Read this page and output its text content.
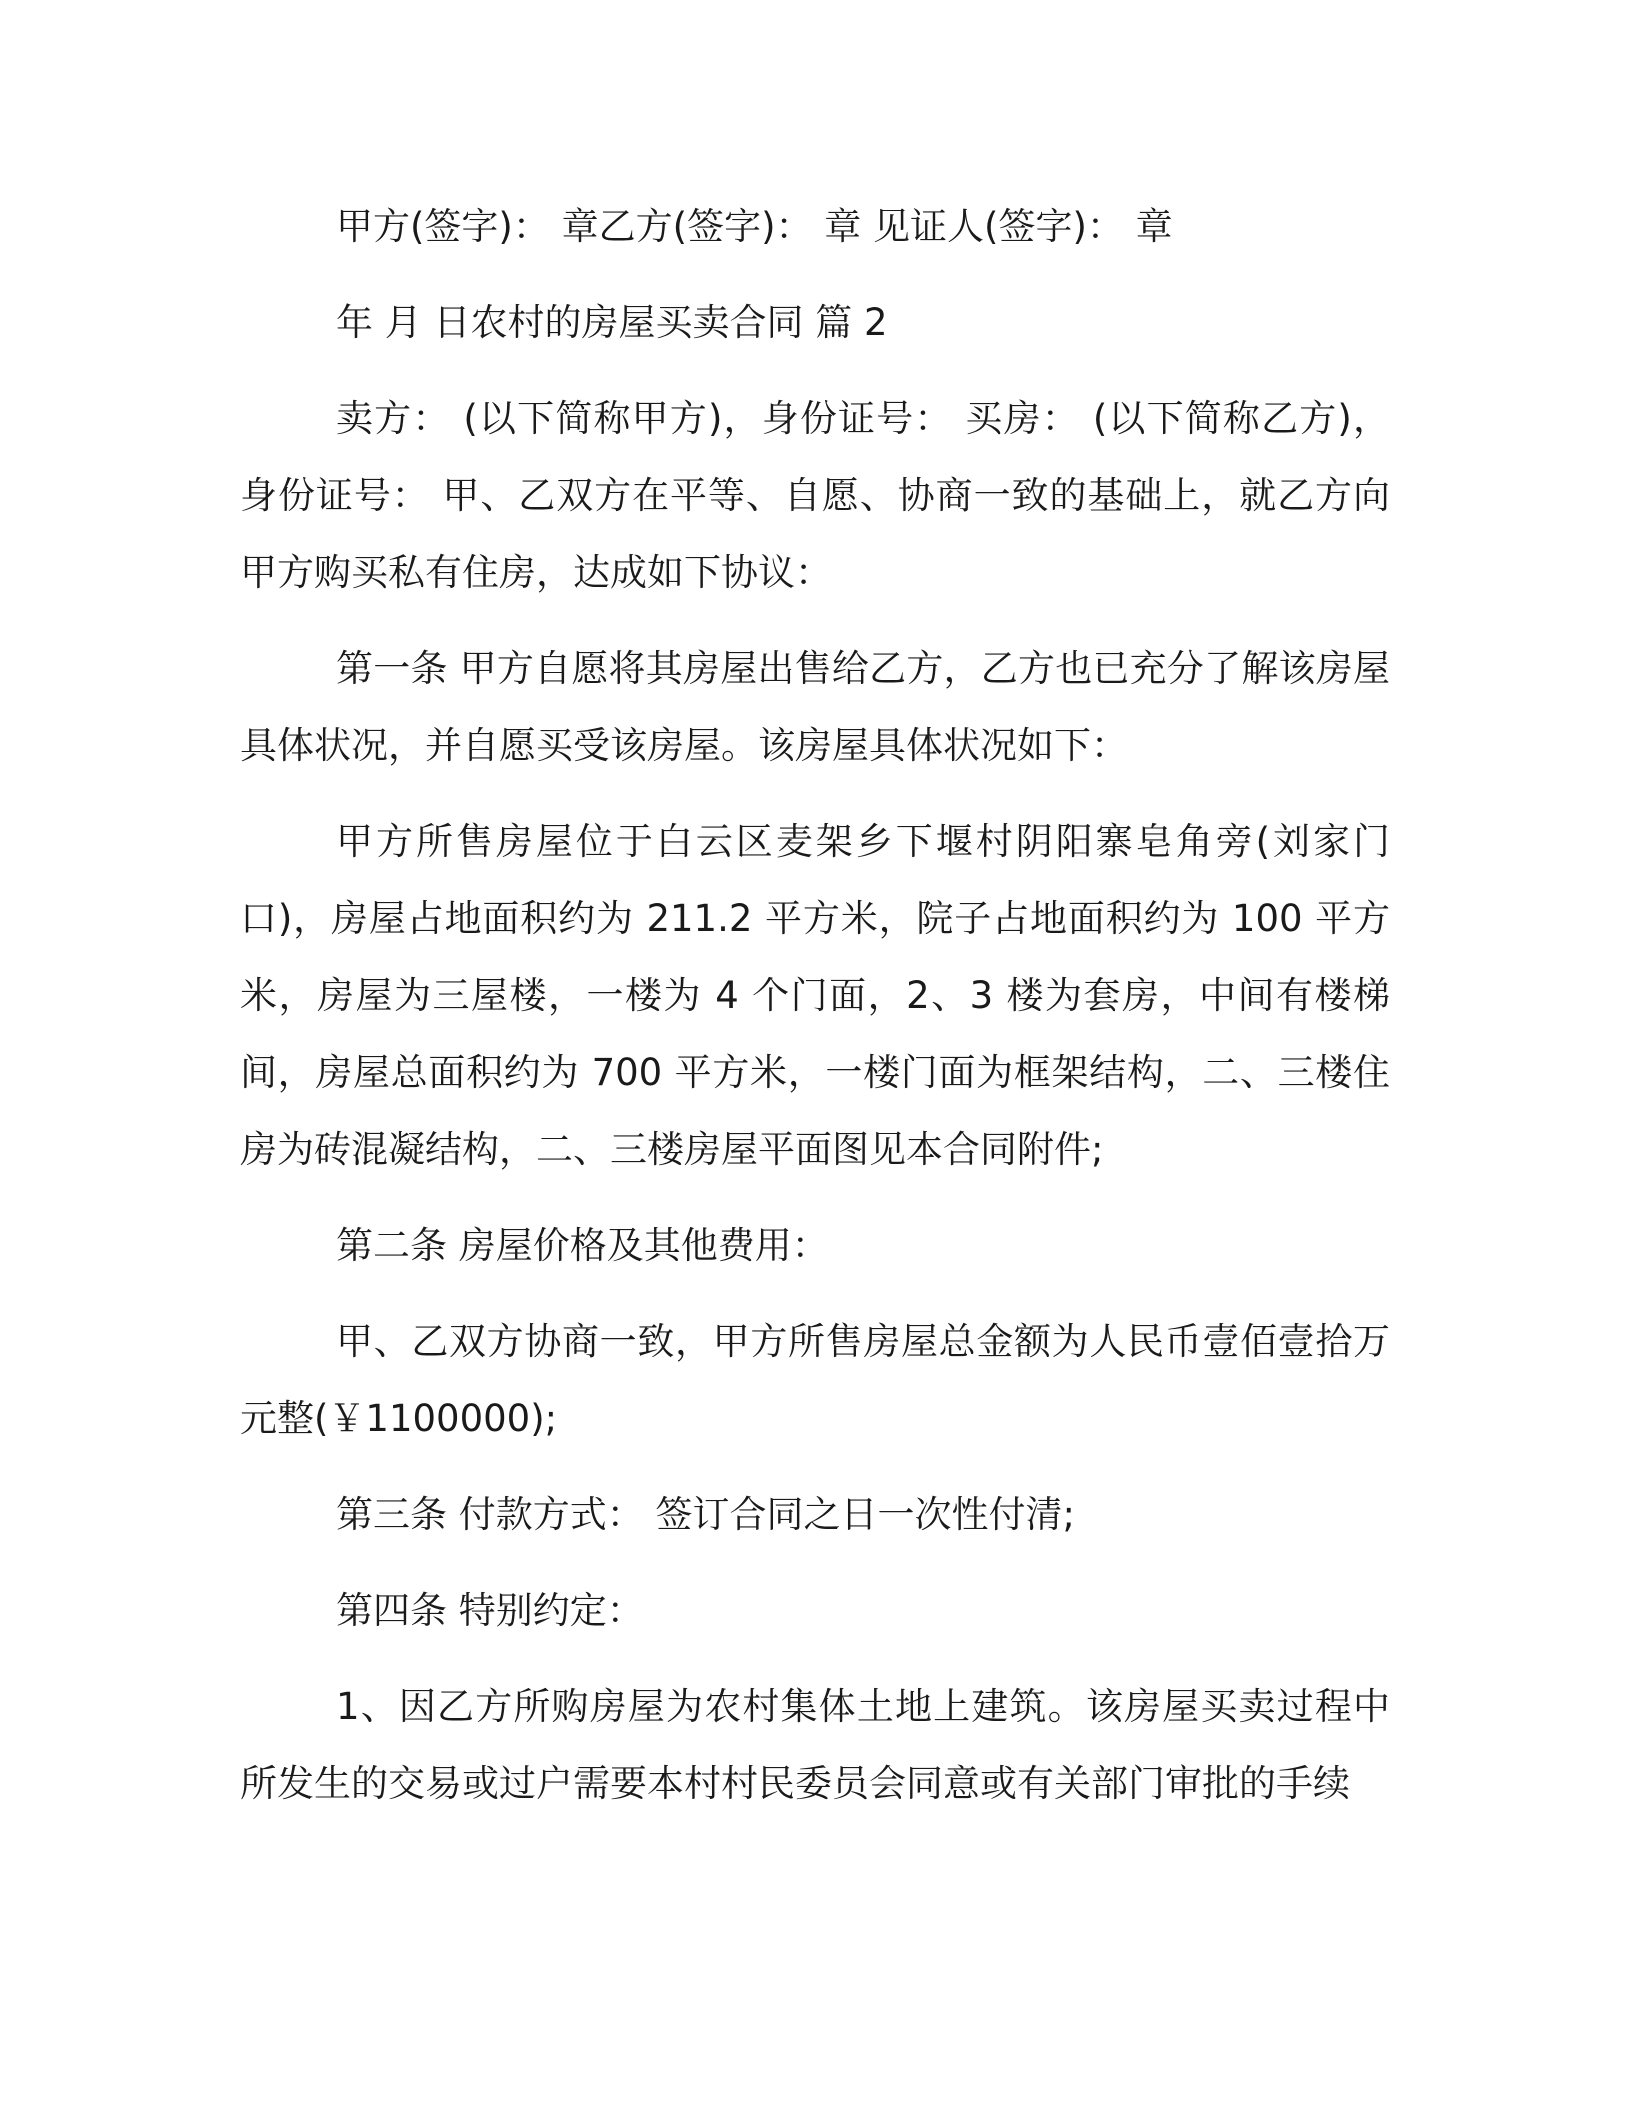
甲方(签字)： 章乙方(签字)： 章 见证人(签字)： 章

年 月 日农村的房屋买卖合同 篇 2

卖方： (以下简称甲方)，身份证号： 买房： (以下简称乙方)，身份证号： 甲、乙双方在平等、自愿、协商一致的基础上，就乙方向甲方购买私有住房，达成如下协议：

第一条 甲方自愿将其房屋出售给乙方，乙方也已充分了解该房屋具体状况，并自愿买受该房屋。该房屋具体状况如下：

甲方所售房屋位于白云区麦架乡下堰村阴阳寨皂角旁(刘家门口)，房屋占地面积约为 211.2 平方米，院子占地面积约为 100 平方米，房屋为三屋楼，一楼为 4 个门面，2、3 楼为套房，中间有楼梯间，房屋总面积约为 700 平方米，一楼门面为框架结构，二、三楼住房为砖混凝结构，二、三楼房屋平面图见本合同附件;

第二条 房屋价格及其他费用：

甲、乙双方协商一致，甲方所售房屋总金额为人民币壹佰壹拾万元整(￥1100000);

第三条 付款方式： 签订合同之日一次性付清;

第四条 特别约定：

1、因乙方所购房屋为农村集体土地上建筑。该房屋买卖过程中所发生的交易或过户需要本村村民委员会同意或有关部门审批的手续
